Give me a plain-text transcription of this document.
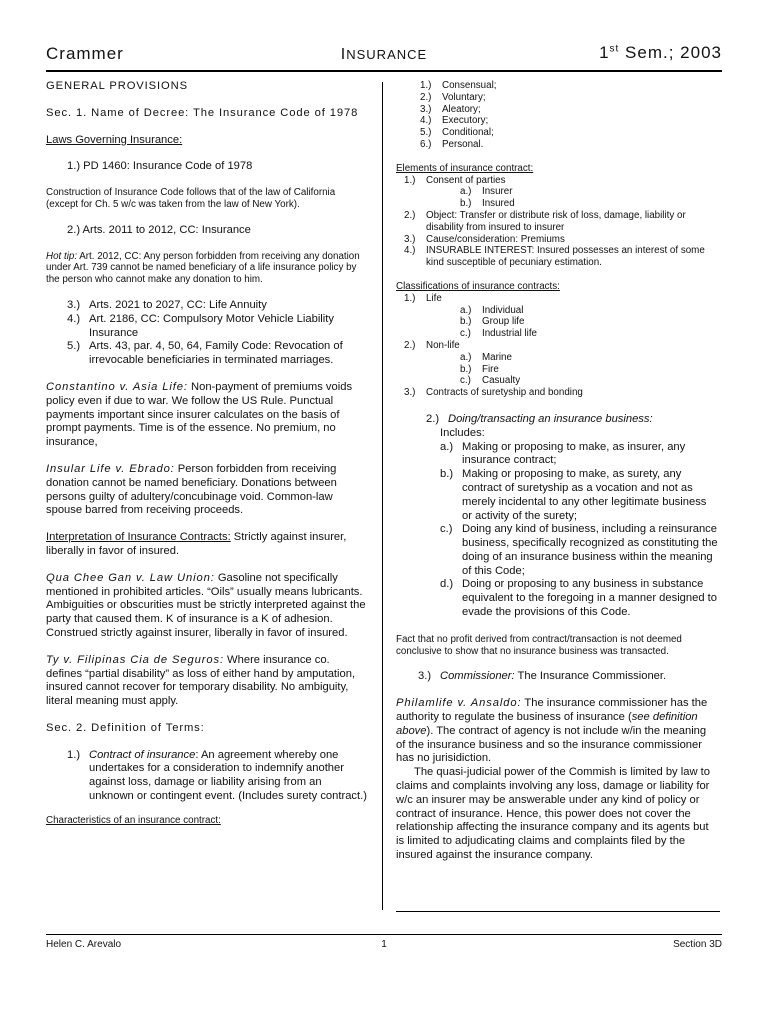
Crammer	INSURANCE	1st Sem.; 2003

GENERAL PROVISIONS

Sec. 1. Name of Decree: The Insurance Code of 1978

Laws Governing Insurance:

1.) PD 1460: Insurance Code of 1978

Construction of Insurance Code follows that of the law of California (except for Ch. 5 w/c was taken from the law of New York).

2.) Arts. 2011 to 2012, CC: Insurance

Hot tip: Art. 2012, CC: Any person forbidden from receiving any donation under Art. 739 cannot be named beneficiary of a life insurance policy by the person who cannot make any donation to him.

3.) Arts. 2021 to 2027, CC: Life Annuity
4.) Art. 2186, CC: Compulsory Motor Vehicle Liability Insurance
5.) Arts. 43, par. 4, 50, 64, Family Code: Revocation of irrevocable beneficiaries in terminated marriages.

Constantino v. Asia Life: Non-payment of premiums voids policy even if due to war. We follow the US Rule. Punctual payments important since insurer calculates on the basis of prompt payments. Time is of the essence. No premium, no insurance,

Insular Life v. Ebrado: Person forbidden from receiving donation cannot be named beneficiary. Donations between persons guilty of adultery/concubinage void. Common-law spouse barred from receiving proceeds.

Interpretation of Insurance Contracts: Strictly against insurer, liberally in favor of insured.

Qua Chee Gan v. Law Union: Gasoline not specifically mentioned in prohibited articles. “Oils” usually means lubricants. Ambiguities or obscurities must be strictly interpreted against the party that caused them. K of insurance is a K of adhesion. Construed strictly against insurer, liberally in favor of insured.

Ty v. Filipinas Cia de Seguros: Where insurance co. defines “partial disability” as loss of either hand by amputation, insured cannot recover for temporary disability. No ambiguity, literal meaning must apply.

Sec. 2. Definition of Terms:

1.) Contract of insurance: An agreement whereby one undertakes for a consideration to indemnify another against loss, damage or liability arising from an unknown or contingent event. (Includes surety contract.)

Characteristics of an insurance contract:

1.)	Consensual;
2.)	Voluntary;
3.)	Aleatory;
4.)	Executory;
5.)	Conditional;
6.)	Personal.

Elements of insurance contract:

1.)	Consent of parties
a.)	Insurer
b.)	Insured
2.)	Object: Transfer or distribute risk of loss, damage, liability or disability from insured to insurer
3.)	Cause/consideration: Premiums
4.)	INSURABLE INTEREST: Insured possesses an interest of some kind susceptible of pecuniary estimation.

Classifications of insurance contracts:

1.)	Life
a.)	Individual
b.)	Group life
c.)	Industrial life
2.)	Non-life
a.)	Marine
b.)	Fire
c.)	Casualty
3.)	Contracts of suretyship and bonding
2.) Doing/transacting an insurance business:

Includes:

a.) Making or proposing to make, as insurer, any insurance contract;
b.) Making or proposing to make, as surety, any contract of suretyship as a vocation and not as merely incidental to any other legitimate business or activity of the surety;
c.) Doing any kind of business, including a reinsurance business, specifically recognized as constituting the doing of an insurance business within the meaning of this Code;
d.) Doing or proposing to any business in substance equivalent to the foregoing in a manner designed to evade the provisions of this Code.

Fact that no profit derived from contract/transaction is not deemed conclusive to show that no insurance business was transacted.

3.) Commissioner: The Insurance Commissioner.

Philamlife v. Ansaldo: The insurance commissioner has the authority to regulate the business of insurance (see definition above). The contract of agency is not include w/in the meaning of the insurance business and so the insurance commissioner has no jurisidiction.

The quasi-judicial power of the Commish is limited by law to claims and complaints involving any loss, damage or liability for w/c an insurer may be answerable under any kind of policy or contract of insurance. Hence, this power does not cover the relationship affecting the insurance company and its agents but is limited to adjudicating claims and complaints filed by the insured against the insurance company.

Helen C. Arevalo	1	Section 3D
